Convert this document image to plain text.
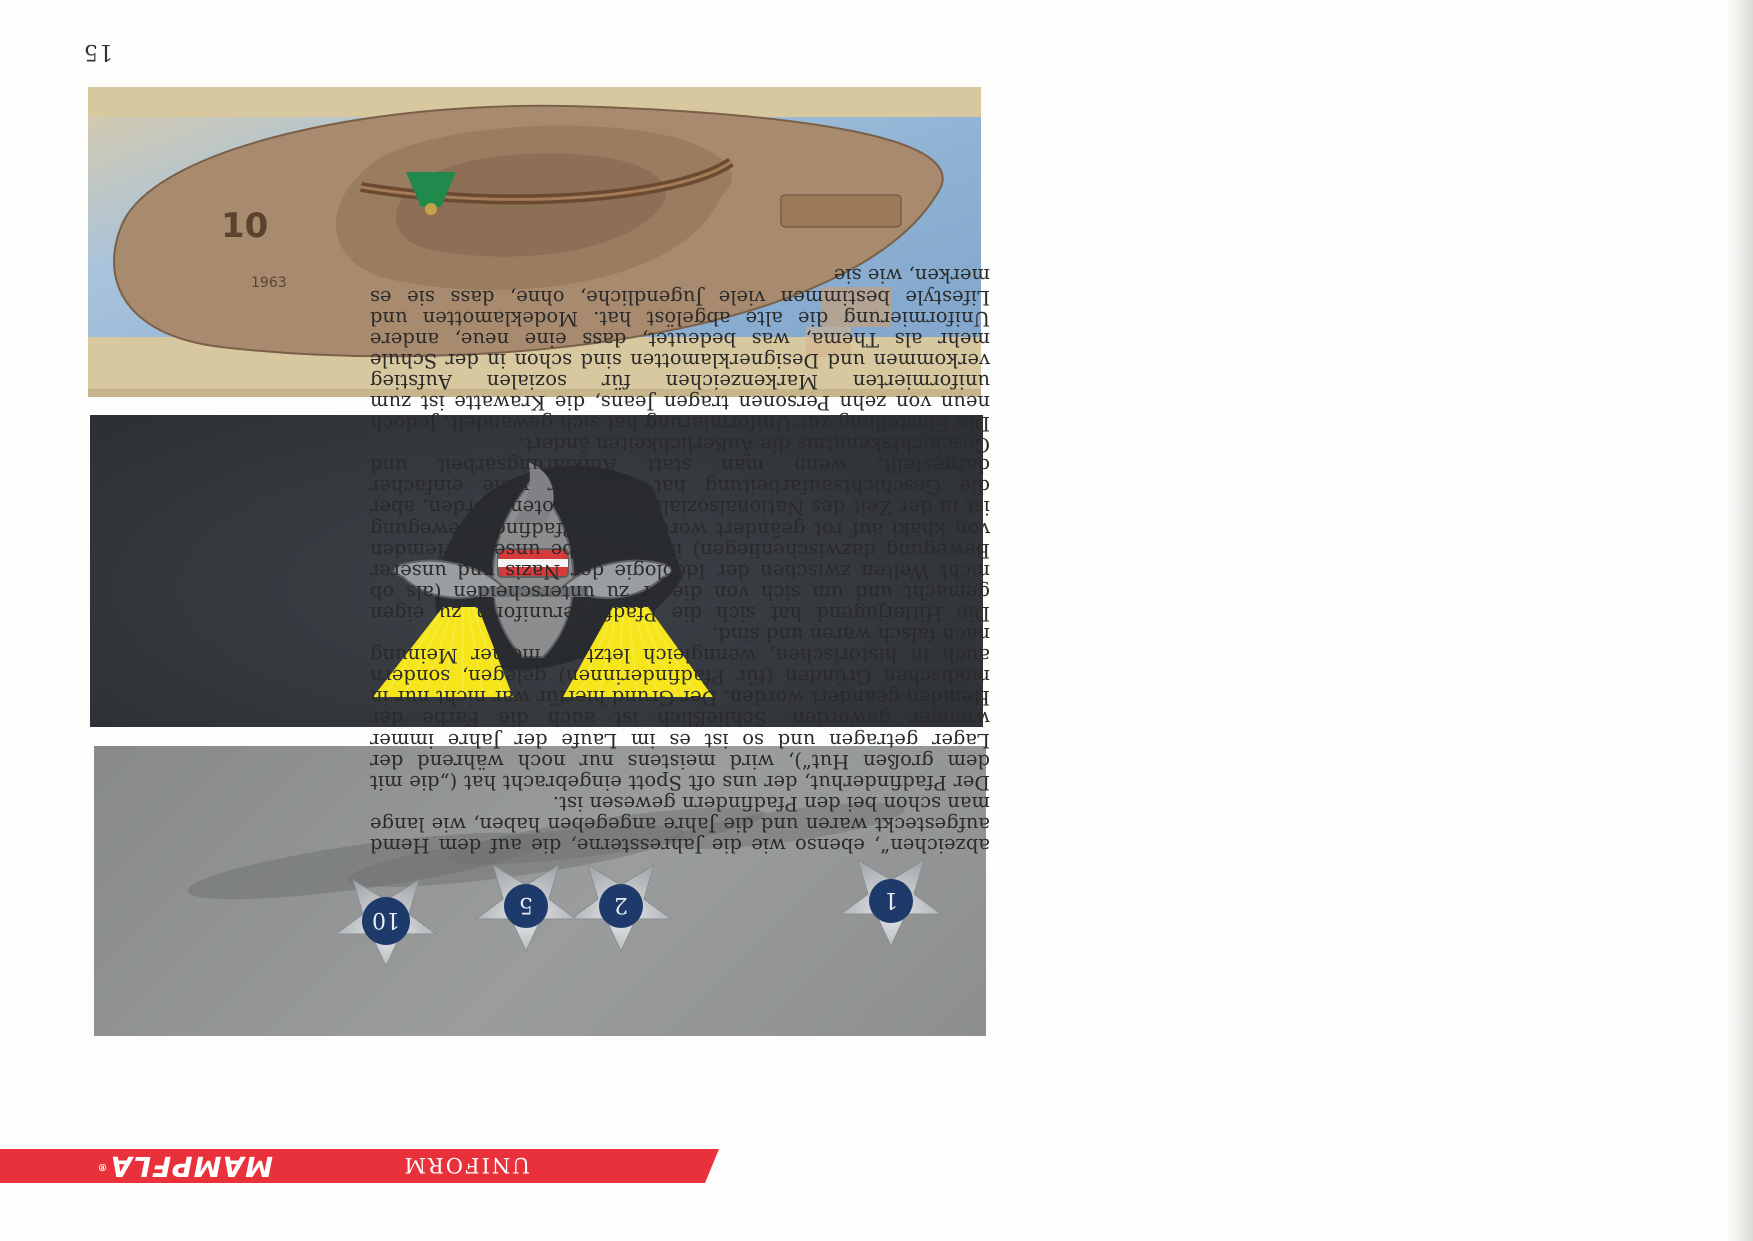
15
UNIFORM
MAMPFLA®
1
2
5
10
1963
10

abzeichen“, ebenso wie die Jahressterne, die auf dem Hemd aufgesteckt waren und die Jahre angegeben haben, wie lange man schon bei den Pfadfindern gewesen ist.

Der Pfadfinderhut, der uns oft Spott eingebracht hat („die mit dem großen Hut“), wird meistens nur noch während der Lager getragen und so ist es im Laufe der Jahre immer weniger geworden. Schließlich ist auch die Farbe der Hemden geändert worden. Der Grund hierfür war nicht nur in modischen Gründen (für Pfadfinderinnen) gelegen, sondern auch in historischen, wenngleich letztere meiner Meinung nach falsch waren und sind.

Die Hitlerjugend hat sich die Pfadfinderuniform zu eigen gemacht und um sich von dieser zu unterscheiden (als ob nicht Welten zwischen der Ideologie der Nazis und unserer Bewegung dazwischenliegen) ist die Farbe unserer Hemden von khaki auf rot geändert worden. Die Pfadfinderbewegung ist in der Zeit des Nationalsozialismus verboten worden, aber die Geschichtsaufarbeitung hat sich für viele einfacher dargestellt, wenn man statt Aufklärungsarbeit und Geschichtskenntnis die Äußerlichkeiten ändert.

Die Einstellung zur Uniformierung hat sich gewandelt. Jedoch neun von zehn Personen tragen Jeans, die Krawatte ist zum uniformierten Markenzeichen für sozialen Aufstieg verkommen und Designerklamotten sind schon in der Schule mehr als Thema, was bedeutet, dass eine neue, andere Uniformierung die alte abgelöst hat. Modeklamotten und Lifestyle bestimmen viele Jugendliche, ohne, dass sie es merken, wie sie
